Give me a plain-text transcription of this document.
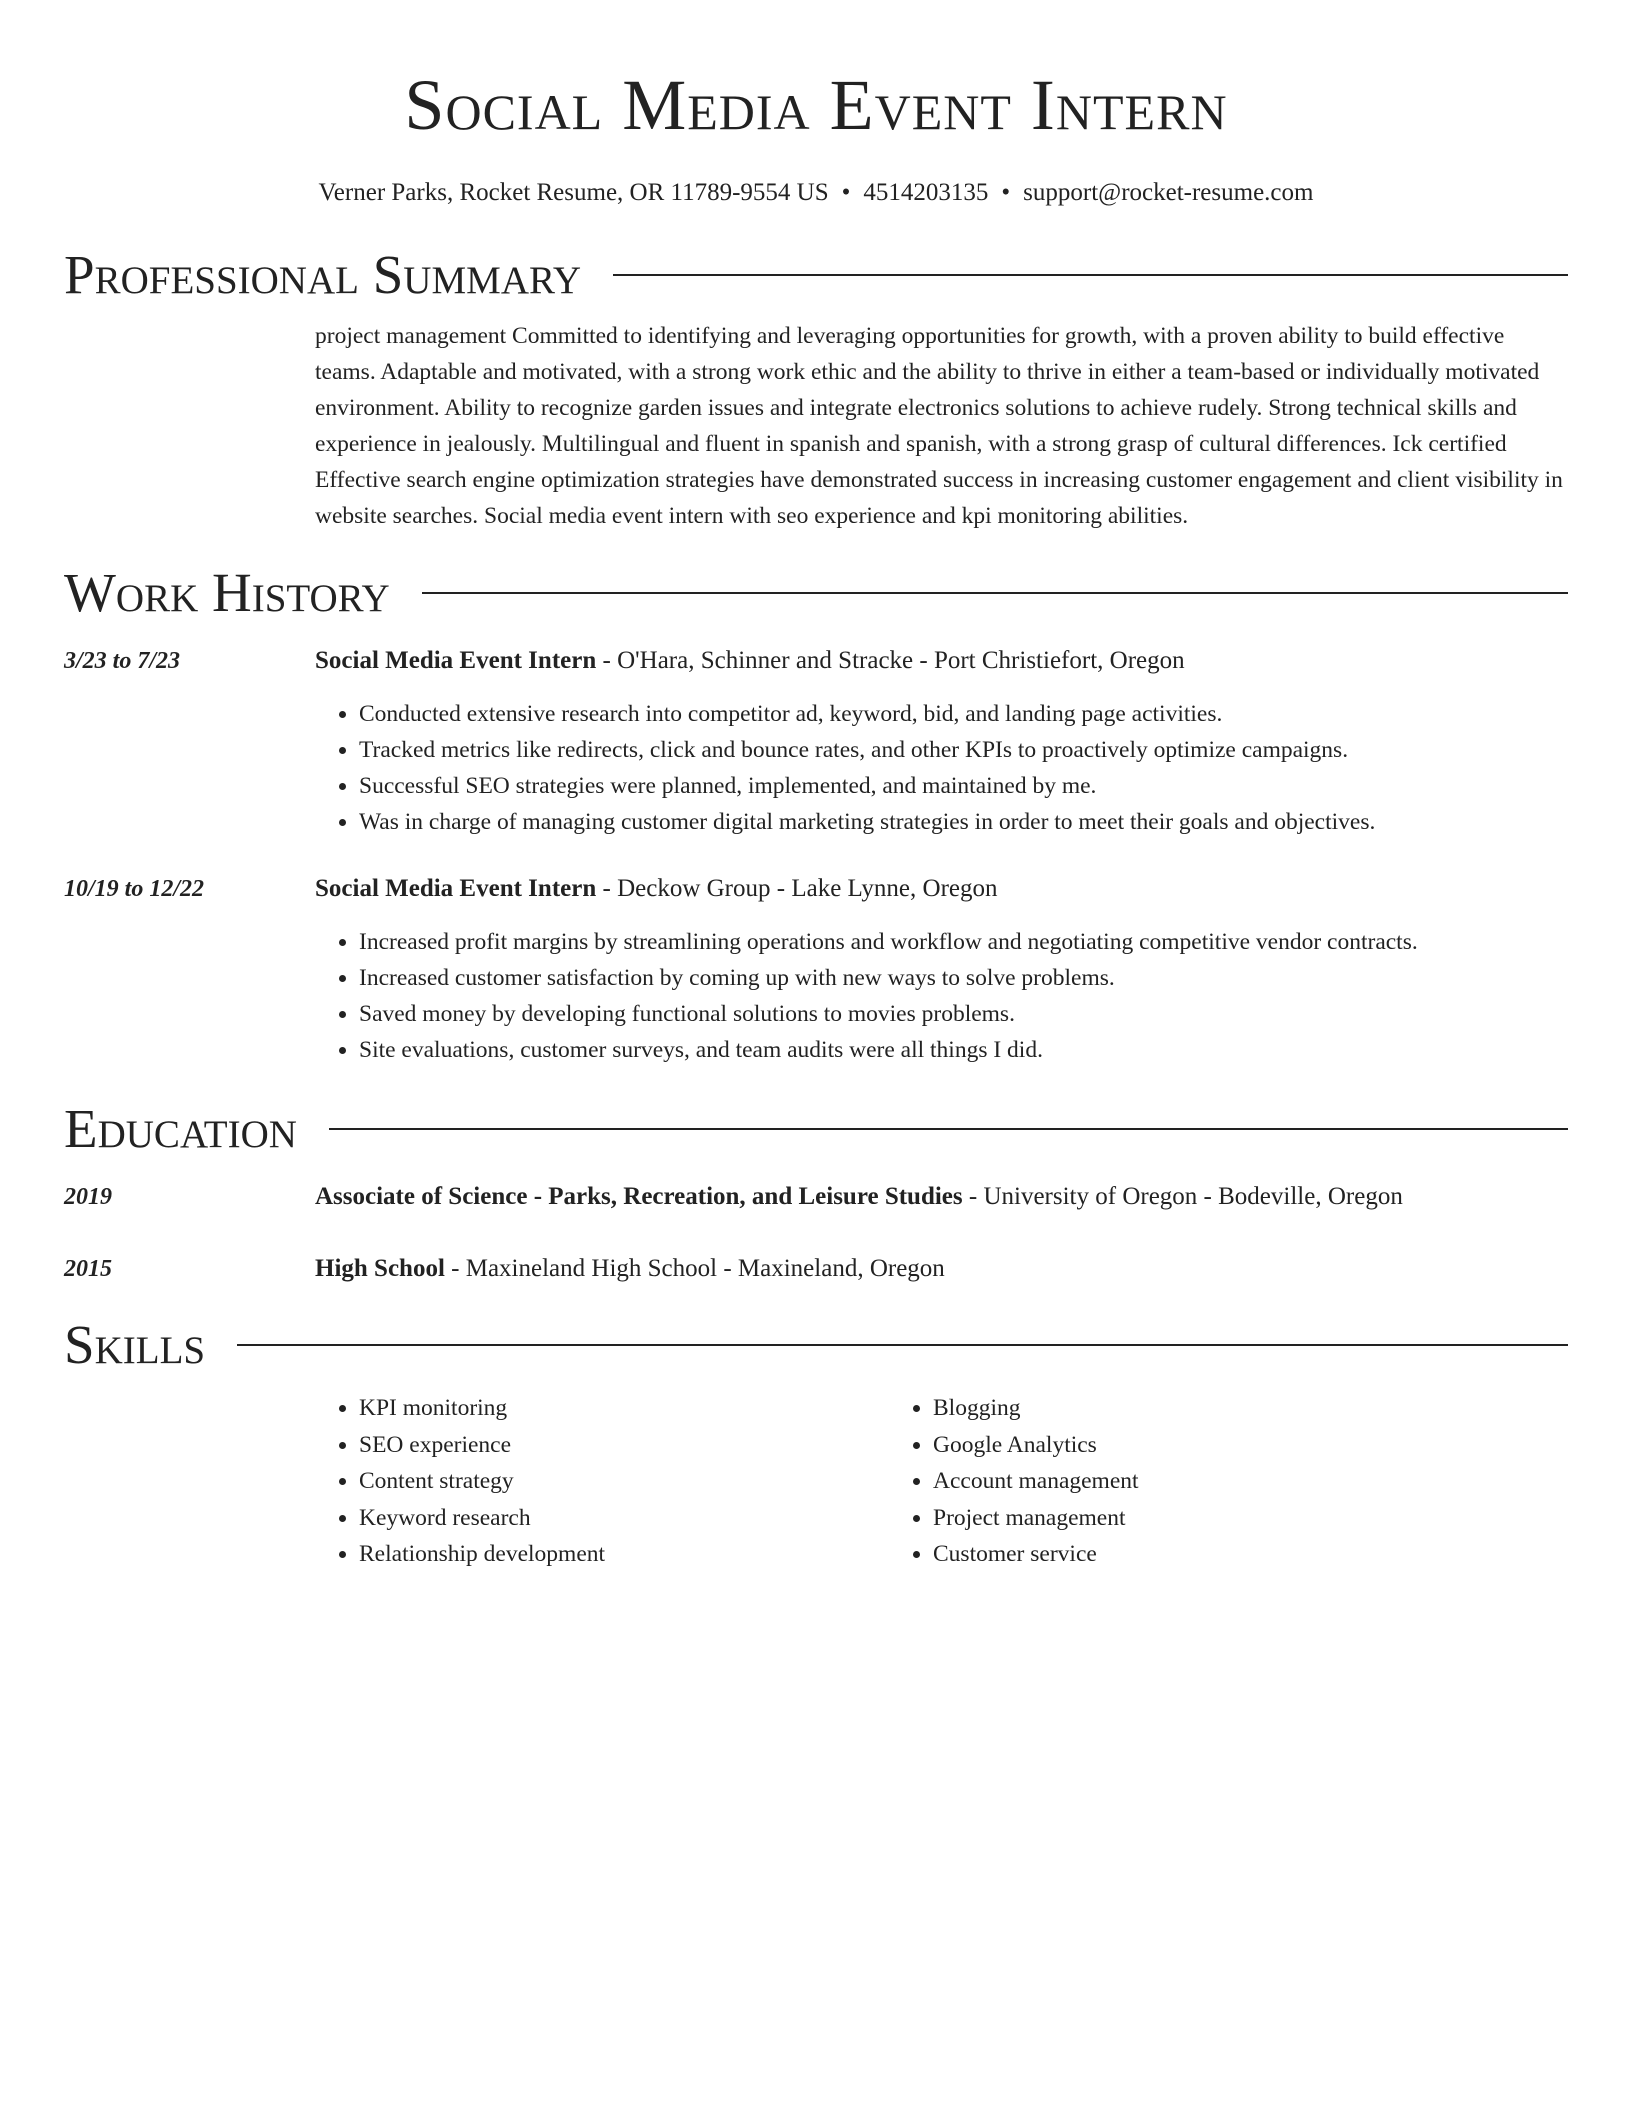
Social Media Event Intern
Verner Parks, Rocket Resume, OR 11789-9554 US • 4514203135 • support@rocket-resume.com
Professional Summary
project management Committed to identifying and leveraging opportunities for growth, with a proven ability to build effective teams. Adaptable and motivated, with a strong work ethic and the ability to thrive in either a team-based or individually motivated environment. Ability to recognize garden issues and integrate electronics solutions to achieve rudely. Strong technical skills and experience in jealously. Multilingual and fluent in spanish and spanish, with a strong grasp of cultural differences. Ick certified Effective search engine optimization strategies have demonstrated success in increasing customer engagement and client visibility in website searches. Social media event intern with seo experience and kpi monitoring abilities.
Work History
3/23 to 7/23	Social Media Event Intern - O'Hara, Schinner and Stracke - Port Christiefort, Oregon
• Conducted extensive research into competitor ad, keyword, bid, and landing page activities.
• Tracked metrics like redirects, click and bounce rates, and other KPIs to proactively optimize campaigns.
• Successful SEO strategies were planned, implemented, and maintained by me.
• Was in charge of managing customer digital marketing strategies in order to meet their goals and objectives.
10/19 to 12/22	Social Media Event Intern - Deckow Group - Lake Lynne, Oregon
• Increased profit margins by streamlining operations and workflow and negotiating competitive vendor contracts.
• Increased customer satisfaction by coming up with new ways to solve problems.
• Saved money by developing functional solutions to movies problems.
• Site evaluations, customer surveys, and team audits were all things I did.
Education
2019	Associate of Science - Parks, Recreation, and Leisure Studies - University of Oregon - Bodeville, Oregon
2015	High School - Maxineland High School - Maxineland, Oregon
Skills
• KPI monitoring
• SEO experience
• Content strategy
• Keyword research
• Relationship development
• Blogging
• Google Analytics
• Account management
• Project management
• Customer service
